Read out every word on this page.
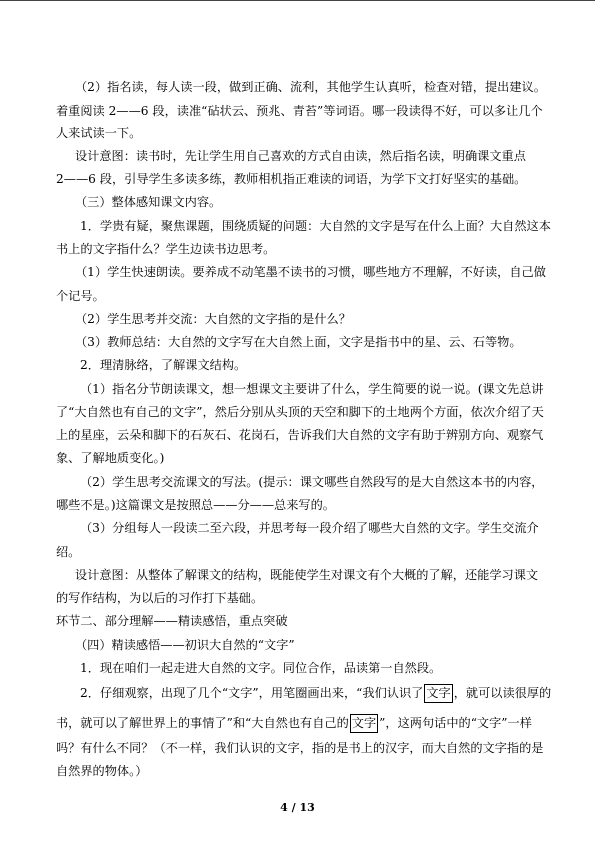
（2）指名读，每人读一段，做到正确、流利，其他学生认真听，检查对错，提出建议。
着重阅读 2——6 段，读准“砧状云、预兆、青苔”等词语。哪一段读得不好，可以多让几个
人来试读一下。
设计意图：读书时，先让学生用自己喜欢的方式自由读，然后指名读，明确课文重点
2——6 段，引导学生多读多练，教师相机指正难读的词语，为学下文打好坚实的基础。
（三）整体感知课文内容。
1．学贵有疑，聚焦课题，围绕质疑的问题：大自然的文字是写在什么上面？大自然这本
书上的文字指什么？学生边读书边思考。
（1）学生快速朗读。要养成不动笔墨不读书的习惯，哪些地方不理解，不好读，自己做
个记号。
（2）学生思考并交流：大自然的文字指的是什么？
（3）教师总结：大自然的文字写在大自然上面，文字是指书中的星、云、石等物。
2．理清脉络，了解课文结构。
（1）指名分节朗读课文，想一想课文主要讲了什么，学生简要的说一说。(课文先总讲
了“大自然也有自己的文字”，然后分别从头顶的天空和脚下的土地两个方面，依次介绍了天
上的星座，云朵和脚下的石灰石、花岗石，告诉我们大自然的文字有助于辨别方向、观察气
象、了解地质变化。)
（2）学生思考交流课文的写法。(提示：课文哪些自然段写的是大自然这本书的内容，
哪些不是。)这篇课文是按照总——分——总来写的。
（3）分组每人一段读二至六段，并思考每一段介绍了哪些大自然的文字。学生交流介
绍。
设计意图：从整体了解课文的结构，既能使学生对课文有个大概的了解，还能学习课文
的写作结构，为以后的习作打下基础。
环节二、部分理解——精读感悟，重点突破
（四）精读感悟——初识大自然的“文字”
1．现在咱们一起走进大自然的文字。同位合作，品读第一自然段。
2．仔细观察，出现了几个“文字”，用笔圈画出来，“我们认识了 文字 ，就可以读很厚的
书，就可以了解世界上的事情了”和“大自然也有自己的 文字 ”，这两句话中的“文字”一样
吗？有什么不同？（不一样，我们认识的文字，指的是书上的汉字，而大自然的文字指的是
自然界的物体。）
4 / 13
